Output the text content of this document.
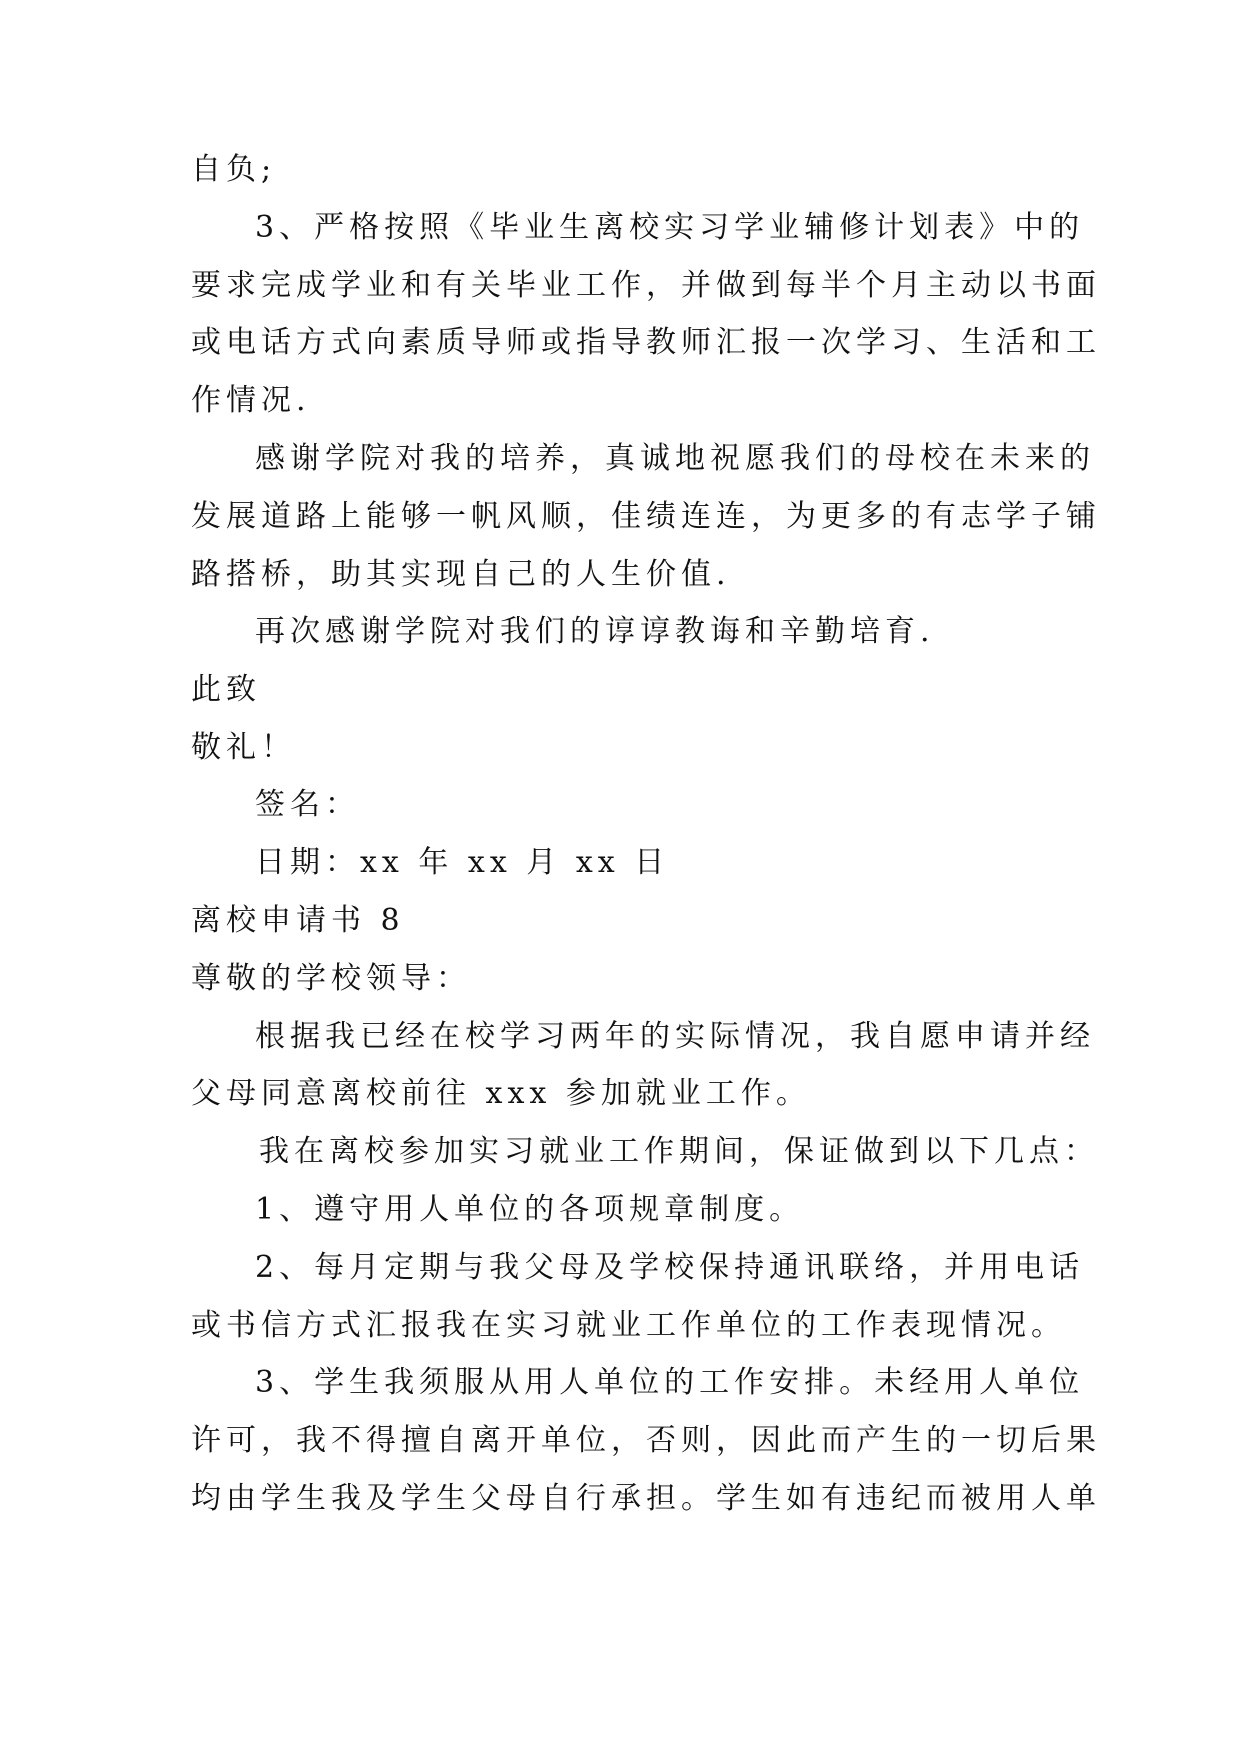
自负;
3、严格按照《毕业生离校实习学业辅修计划表》中的
要求完成学业和有关毕业工作，并做到每半个月主动以书面
或电话方式向素质导师或指导教师汇报一次学习、生活和工
作情况.
感谢学院对我的培养，真诚地祝愿我们的母校在未来的
发展道路上能够一帆风顺，佳绩连连，为更多的有志学子铺
路搭桥，助其实现自己的人生价值.
再次感谢学院对我们的谆谆教诲和辛勤培育.
此致
敬礼！
签名：
日期：xx 年 xx 月 xx 日
离校申请书 8
尊敬的学校领导：
根据我已经在校学习两年的实际情况，我自愿申请并经
父母同意离校前往 xxx 参加就业工作。
我在离校参加实习就业工作期间，保证做到以下几点：
1、遵守用人单位的各项规章制度。
2、每月定期与我父母及学校保持通讯联络，并用电话
或书信方式汇报我在实习就业工作单位的工作表现情况。
3、学生我须服从用人单位的工作安排。未经用人单位
许可，我不得擅自离开单位，否则，因此而产生的一切后果
均由学生我及学生父母自行承担。学生如有违纪而被用人单
